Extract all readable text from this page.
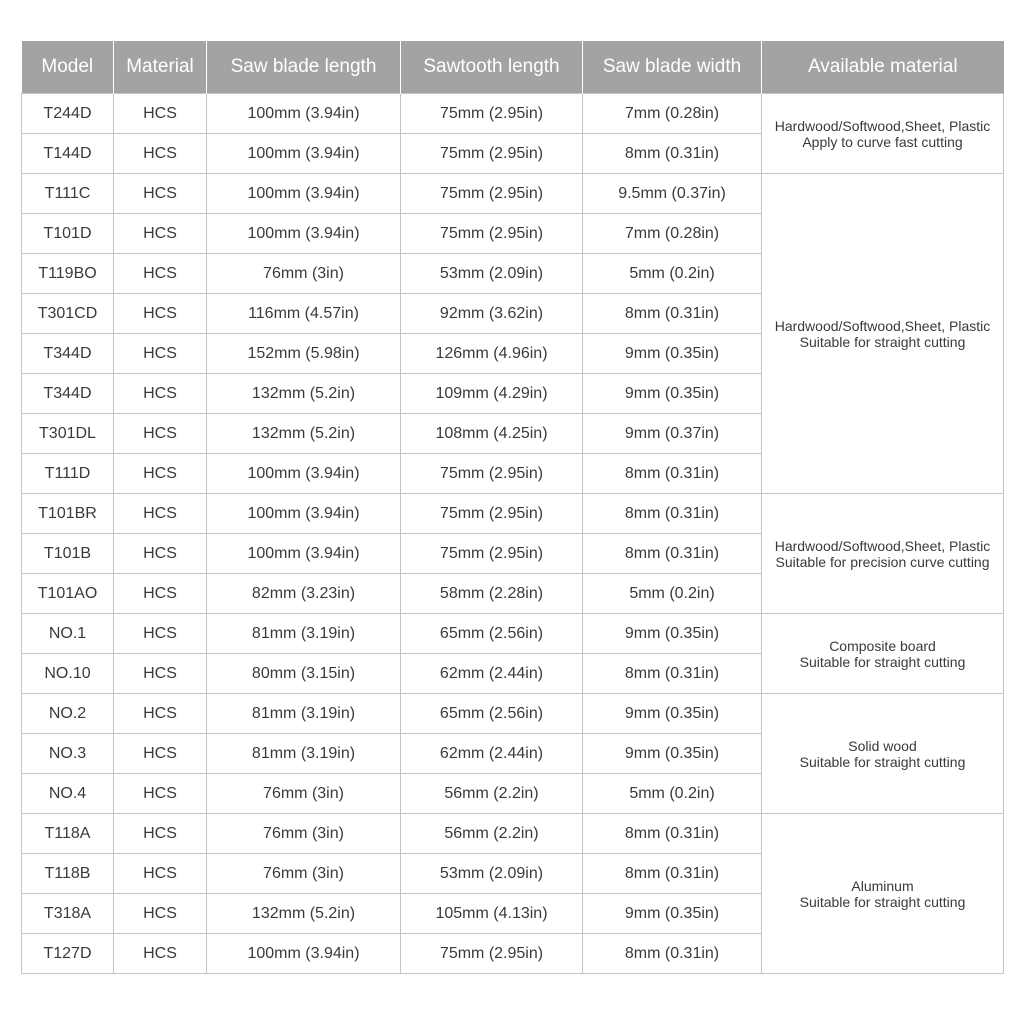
Model	Material	Saw blade length	Sawtooth length	Saw blade width	Available material
T244D	HCS	100mm (3.94in)	75mm (2.95in)	7mm (0.28in)	Hardwood/Softwood,Sheet, Plastic
Apply to curve fast cutting

T144D	HCS	100mm (3.94in)	75mm (2.95in)	8mm (0.31in)	
T111C	HCS	100mm (3.94in)	75mm (2.95in)	9.5mm (0.37in)	Hardwood/Softwood,Sheet, Plastic
Suitable for straight cutting

T101D	HCS	100mm (3.94in)	75mm (2.95in)	7mm (0.28in)	
T119BO	HCS	76mm (3in)	53mm (2.09in)	5mm (0.2in)	
T301CD	HCS	116mm (4.57in)	92mm (3.62in)	8mm (0.31in)	
T344D	HCS	152mm (5.98in)	126mm (4.96in)	9mm (0.35in)	
T344D	HCS	132mm (5.2in)	109mm (4.29in)	9mm (0.35in)	
T301DL	HCS	132mm (5.2in)	108mm (4.25in)	9mm (0.37in)	
T111D	HCS	100mm (3.94in)	75mm (2.95in)	8mm (0.31in)	
T101BR	HCS	100mm (3.94in)	75mm (2.95in)	8mm (0.31in)	Hardwood/Softwood,Sheet, Plastic
Suitable for precision curve cutting

T101B	HCS	100mm (3.94in)	75mm (2.95in)	8mm (0.31in)	
T101AO	HCS	82mm (3.23in)	58mm (2.28in)	5mm (0.2in)	
NO.1	HCS	81mm (3.19in)	65mm (2.56in)	9mm (0.35in)	Composite board
Suitable for straight cutting

NO.10	HCS	80mm (3.15in)	62mm (2.44in)	8mm (0.31in)	
NO.2	HCS	81mm (3.19in)	65mm (2.56in)	9mm (0.35in)	Solid wood
Suitable for straight cutting

NO.3	HCS	81mm (3.19in)	62mm (2.44in)	9mm (0.35in)	
NO.4	HCS	76mm (3in)	56mm (2.2in)	5mm (0.2in)	
T118A	HCS	76mm (3in)	56mm (2.2in)	8mm (0.31in)	Aluminum
Suitable for straight cutting

T118B	HCS	76mm (3in)	53mm (2.09in)	8mm (0.31in)	
T318A	HCS	132mm (5.2in)	105mm (4.13in)	9mm (0.35in)	
T127D	HCS	100mm (3.94in)	75mm (2.95in)	8mm (0.31in)	
